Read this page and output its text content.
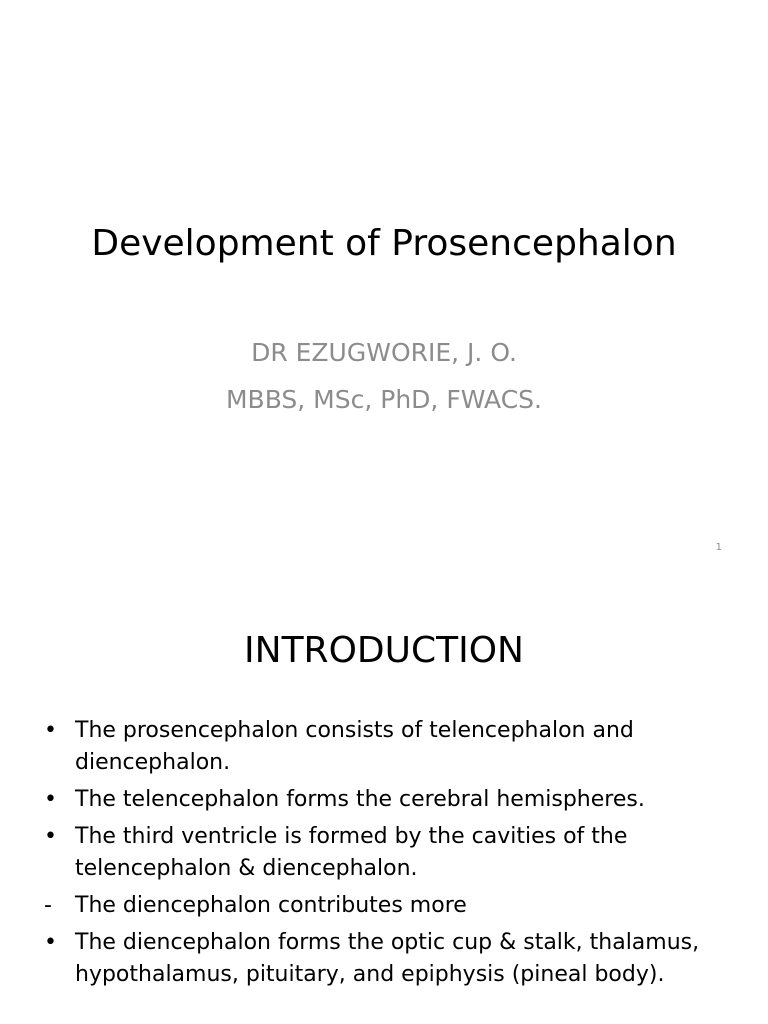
Development of Prosencephalon
DR EZUGWORIE, J. O.
MBBS, MSc, PhD, FWACS.
1
INTRODUCTION
• The prosencephalon consists of telencephalon and diencephalon.
• The telencephalon forms the cerebral hemispheres.
• The third ventricle is formed by the cavities of the telencephalon & diencephalon.
- The diencephalon contributes more
• The diencephalon forms the optic cup & stalk, thalamus, hypothalamus, pituitary, and epiphysis (pineal body).
